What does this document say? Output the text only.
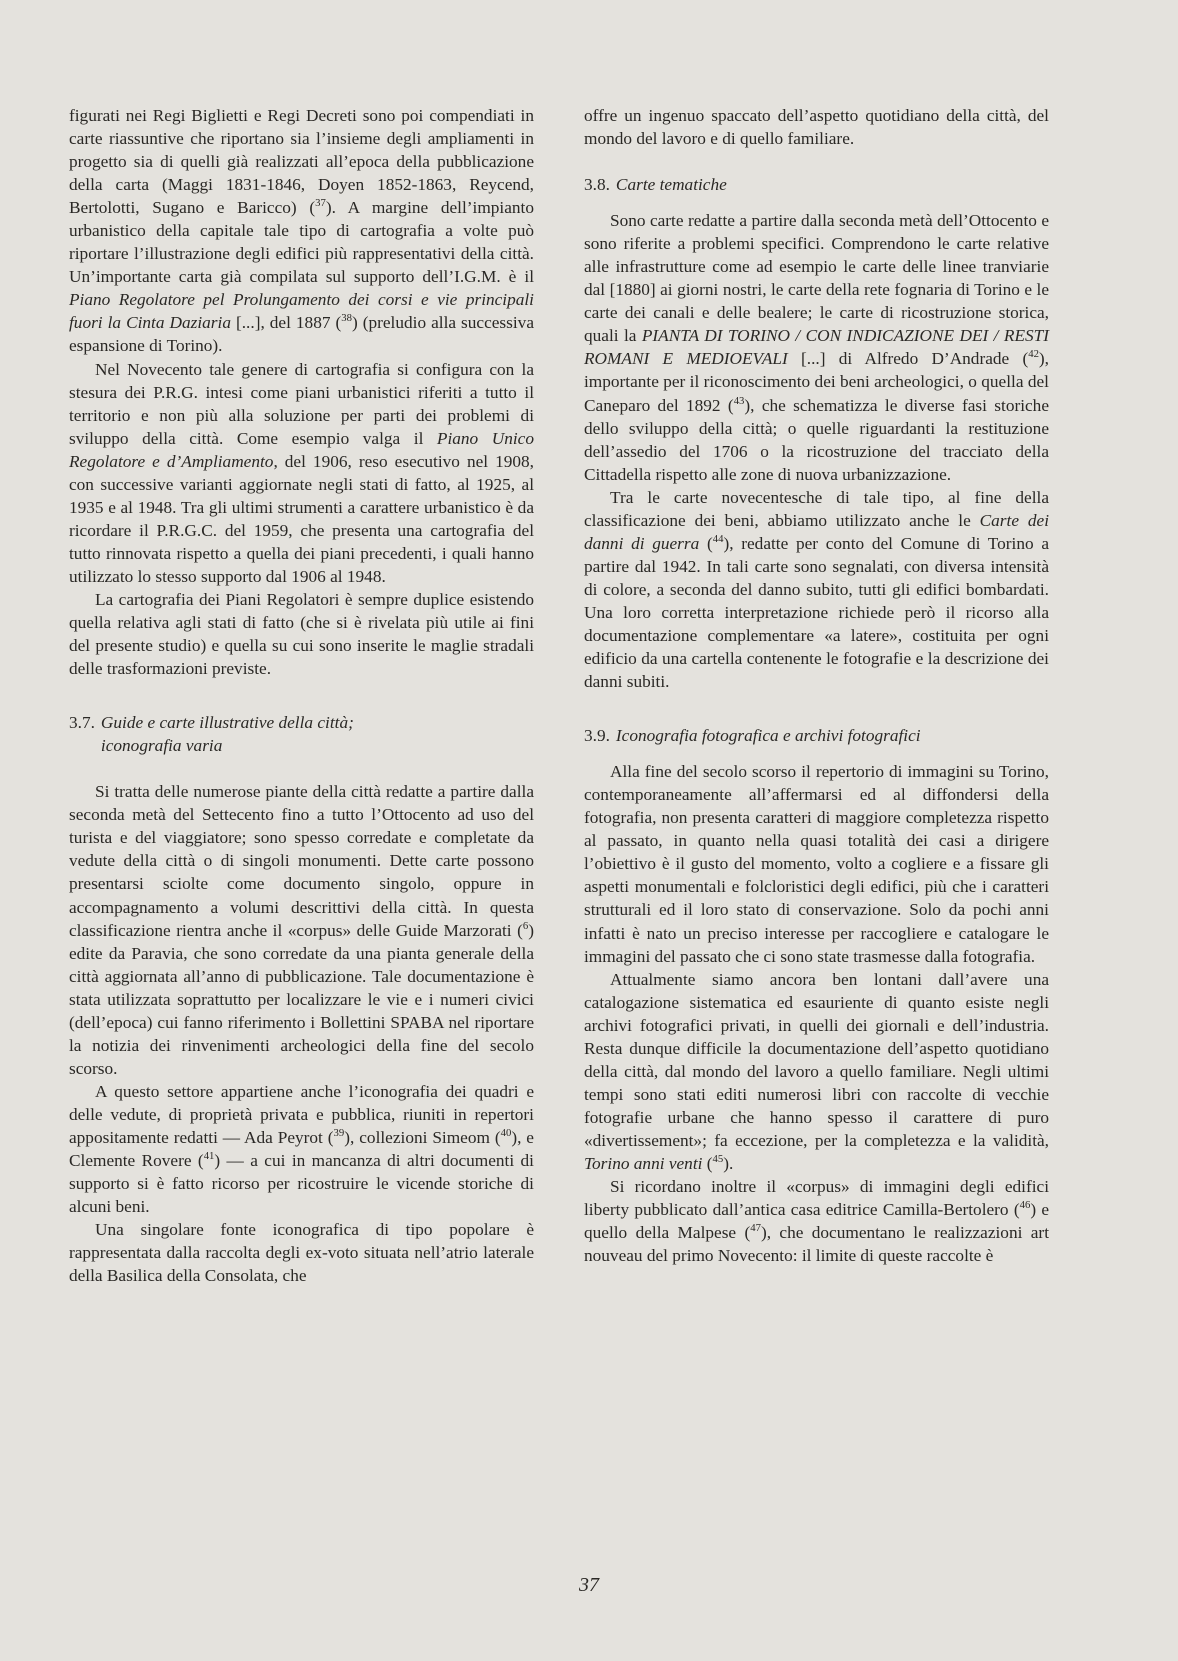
figurati nei Regi Biglietti e Regi Decreti sono poi compendiati in carte riassuntive che riportano sia l’insieme degli ampliamenti in progetto sia di quelli già realizzati all’epoca della pubblicazione della carta (Maggi 1831-1846, Doyen 1852-1863, Reycend, Bertolotti, Sugano e Baricco) ($^{37}$). A margine dell’impianto urbanistico della capitale tale tipo di cartografia a volte può riportare l’illustrazione degli edifici più rappresentativi della città. Un’importante carta già compilata sul supporto dell’I.G.M. è il Piano Regolatore pel Prolungamento dei corsi e vie principali fuori la Cinta Daziaria [...], del 1887 ($^{38}$) (preludio alla successiva espansione di Torino).

Nel Novecento tale genere di cartografia si configura con la stesura dei P.R.G. intesi come piani urbanistici riferiti a tutto il territorio e non più alla soluzione per parti dei problemi di sviluppo della città. Come esempio valga il Piano Unico Regolatore e d’Ampliamento, del 1906, reso esecutivo nel 1908, con successive varianti aggiornate negli stati di fatto, al 1925, al 1935 e al 1948. Tra gli ultimi strumenti a carattere urbanistico è da ricordare il P.R.G.C. del 1959, che presenta una cartografia del tutto rinnovata rispetto a quella dei piani precedenti, i quali hanno utilizzato lo stesso supporto dal 1906 al 1948.

La cartografia dei Piani Regolatori è sempre duplice esistendo quella relativa agli stati di fatto (che si è rivelata più utile ai fini del presente studio) e quella su cui sono inserite le maglie stradali delle trasformazioni previste.

3.7. Guide e carte illustrative della città;
iconografia varia

Si tratta delle numerose piante della città redatte a partire dalla seconda metà del Settecento fino a tutto l’Ottocento ad uso del turista e del viaggiatore; sono spesso corredate e completate da vedute della città o di singoli monumenti. Dette carte possono presentarsi sciolte come documento singolo, oppure in accompagnamento a volumi descrittivi della città. In questa classificazione rientra anche il «corpus» delle Guide Marzorati ($^6$) edite da Paravia, che sono corredate da una pianta generale della città aggiornata all’anno di pubblicazione. Tale documentazione è stata utilizzata soprattutto per localizzare le vie e i numeri civici (dell’epoca) cui fanno riferimento i Bollettini SPABA nel riportare la notizia dei rinvenimenti archeologici della fine del secolo scorso.

A questo settore appartiene anche l’iconografia dei quadri e delle vedute, di proprietà privata e pubblica, riuniti in repertori appositamente redatti — Ada Peyrot ($^{39}$), collezioni Simeom ($^{40}$), e Clemente Rovere ($^{41}$) — a cui in mancanza di altri documenti di supporto si è fatto ricorso per ricostruire le vicende storiche di alcuni beni.

Una singolare fonte iconografica di tipo popolare è rappresentata dalla raccolta degli ex-voto situata nell’atrio laterale della Basilica della Consolata, che

offre un ingenuo spaccato dell’aspetto quotidiano della città, del mondo del lavoro e di quello familiare.

3.8. Carte tematiche

Sono carte redatte a partire dalla seconda metà dell’Ottocento e sono riferite a problemi specifici. Comprendono le carte relative alle infrastrutture come ad esempio le carte delle linee tranviarie dal [1880] ai giorni nostri, le carte della rete fognaria di Torino e le carte dei canali e delle bealere; le carte di ricostruzione storica, quali la PIANTA DI TORINO / CON INDICAZIONE DEI / RESTI ROMANI E MEDIOEVALI [...] di Alfredo D’Andrade ($^{42}$), importante per il riconoscimento dei beni archeologici, o quella del Caneparo del 1892 ($^{43}$), che schematizza le diverse fasi storiche dello sviluppo della città; o quelle riguardanti la restituzione dell’assedio del 1706 o la ricostruzione del tracciato della Cittadella rispetto alle zone di nuova urbanizzazione.

Tra le carte novecentesche di tale tipo, al fine della classificazione dei beni, abbiamo utilizzato anche le Carte dei danni di guerra ($^{44}$), redatte per conto del Comune di Torino a partire dal 1942. In tali carte sono segnalati, con diversa intensità di colore, a seconda del danno subito, tutti gli edifici bombardati. Una loro corretta interpretazione richiede però il ricorso alla documentazione complementare «a latere», costituita per ogni edificio da una cartella contenente le fotografie e la descrizione dei danni subiti.

3.9. Iconografia fotografica e archivi fotografici

Alla fine del secolo scorso il repertorio di immagini su Torino, contemporaneamente all’affermarsi ed al diffondersi della fotografia, non presenta caratteri di maggiore completezza rispetto al passato, in quanto nella quasi totalità dei casi a dirigere l’obiettivo è il gusto del momento, volto a cogliere e a fissare gli aspetti monumentali e folcloristici degli edifici, più che i caratteri strutturali ed il loro stato di conservazione. Solo da pochi anni infatti è nato un preciso interesse per raccogliere e catalogare le immagini del passato che ci sono state trasmesse dalla fotografia.

Attualmente siamo ancora ben lontani dall’avere una catalogazione sistematica ed esauriente di quanto esiste negli archivi fotografici privati, in quelli dei giornali e dell’industria. Resta dunque difficile la documentazione dell’aspetto quotidiano della città, dal mondo del lavoro a quello familiare. Negli ultimi tempi sono stati editi numerosi libri con raccolte di vecchie fotografie urbane che hanno spesso il carattere di puro «divertissement»; fa eccezione, per la completezza e la validità, Torino anni venti ($^{45}$).

Si ricordano inoltre il «corpus» di immagini degli edifici liberty pubblicato dall’antica casa editrice Camilla-Bertolero ($^{46}$) e quello della Malpese ($^{47}$), che documentano le realizzazioni art nouveau del primo Novecento: il limite di queste raccolte è

37
